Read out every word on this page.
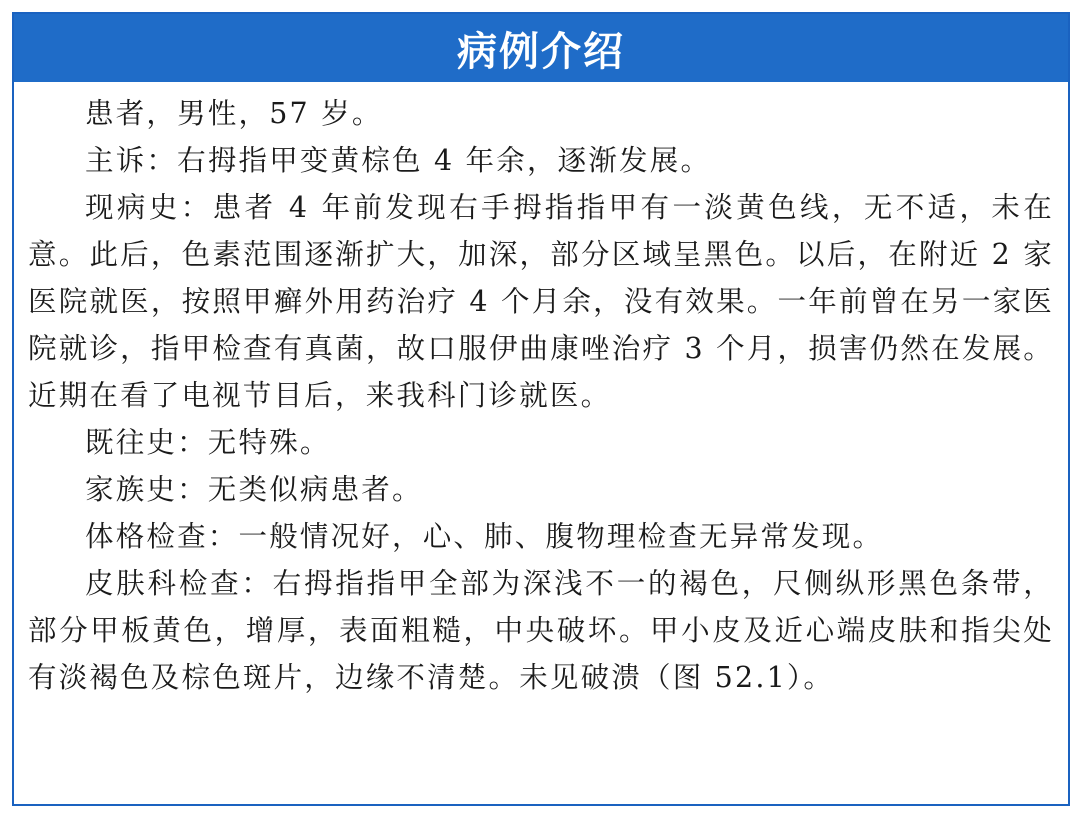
病例介绍

患者，男性，57 岁。

主诉：右拇指甲变黄棕色 4 年余，逐渐发展。

现病史：患者 4 年前发现右手拇指指甲有一淡黄色线，无不适，未在意。此后，色素范围逐渐扩大，加深，部分区域呈黑色。以后，在附近 2 家医院就医，按照甲癣外用药治疗 4 个月余，没有效果。一年前曾在另一家医院就诊，指甲检查有真菌，故口服伊曲康唑治疗 3 个月，损害仍然在发展。近期在看了电视节目后，来我科门诊就医。

既往史：无特殊。

家族史：无类似病患者。

体格检查：一般情况好，心、肺、腹物理检查无异常发现。

皮肤科检查：右拇指指甲全部为深浅不一的褐色，尺侧纵形黑色条带，部分甲板黄色，增厚，表面粗糙，中央破坏。甲小皮及近心端皮肤和指尖处有淡褐色及棕色斑片，边缘不清楚。未见破溃（图 52.1）。
